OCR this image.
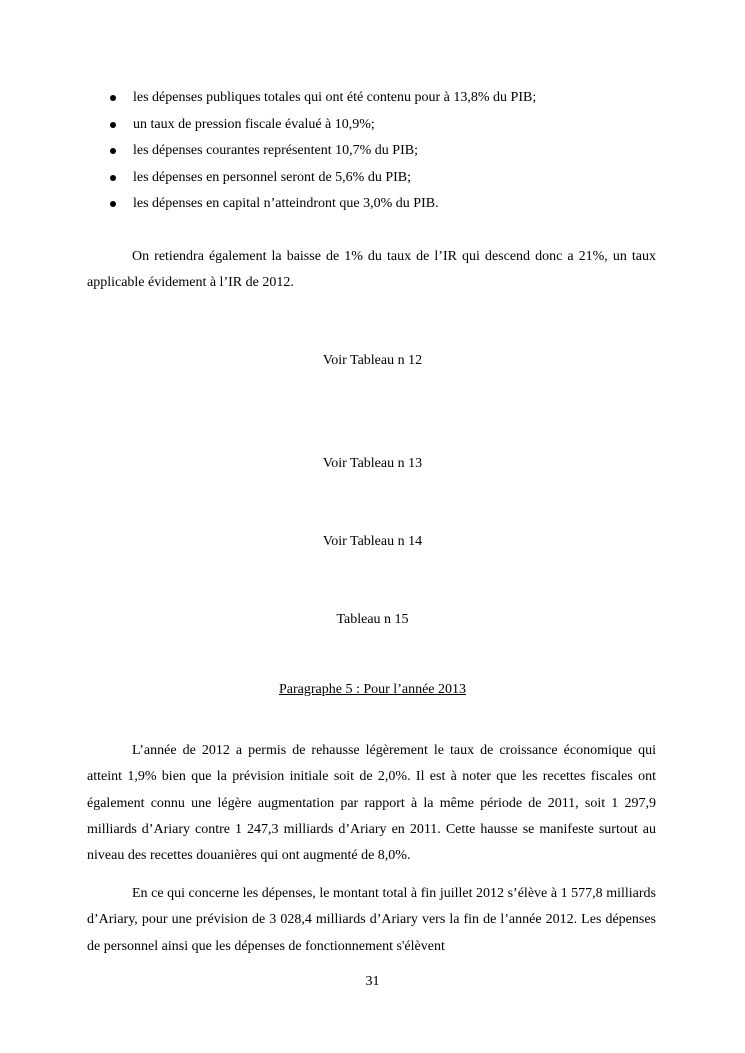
les dépenses publiques totales qui ont été contenu pour à 13,8% du PIB;
un taux de pression fiscale évalué à 10,9%;
les dépenses courantes représentent 10,7% du PIB;
les dépenses en personnel seront de 5,6% du PIB;
les dépenses en capital n’atteindront que 3,0% du PIB.

On retiendra également la baisse de 1% du taux de l’IR qui descend donc a 21%, un taux applicable évidement à l’IR de 2012.

Voir Tableau n 12

Voir Tableau n 13

Voir Tableau n 14

Tableau n 15

Paragraphe 5 : Pour l’année 2013

L’année de 2012 a permis de rehausse légèrement le taux de croissance économique qui atteint 1,9% bien que la prévision initiale soit de 2,0%. Il est à noter que les recettes fiscales ont également connu une légère augmentation par rapport à la même période de 2011, soit 1 297,9 milliards d’Ariary contre 1 247,3 milliards d’Ariary en 2011. Cette hausse se manifeste surtout au niveau des recettes douanières qui ont augmenté de 8,0%.

En ce qui concerne les dépenses, le montant total à fin juillet 2012 s’élève à 1 577,8 milliards d’Ariary, pour une prévision de 3 028,4 milliards d’Ariary vers la fin de l’année 2012. Les dépenses de personnel ainsi que les dépenses de fonctionnement s'élèvent

31
